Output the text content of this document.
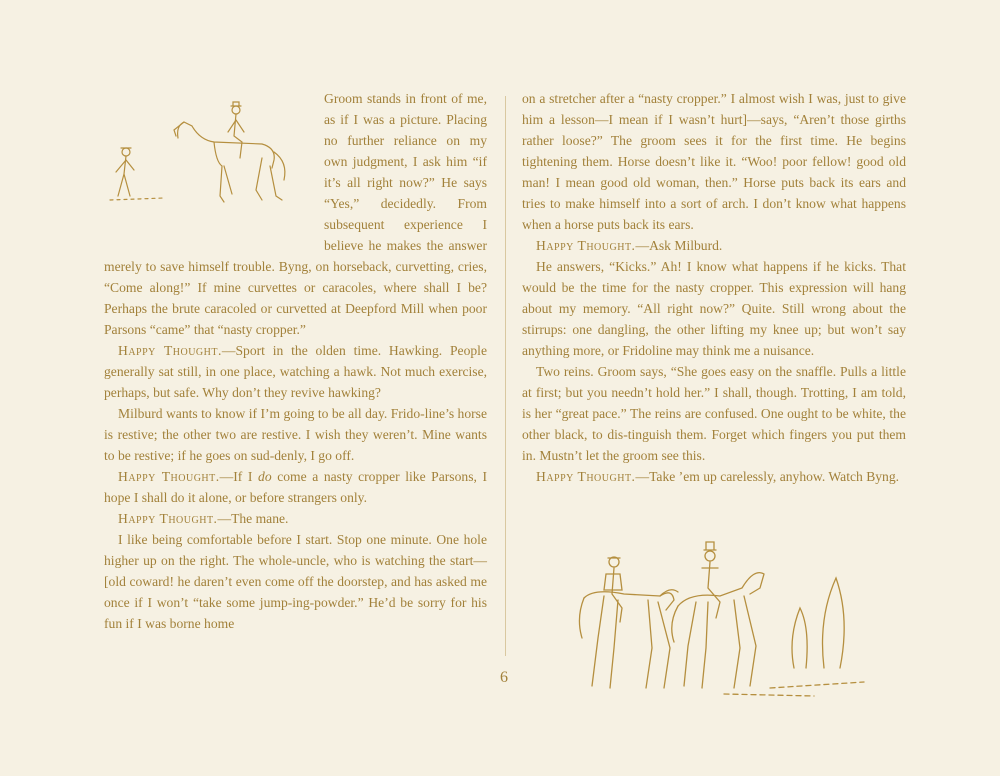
Groom stands in front of me, as if I was a picture. Placing no further reliance on my own judgment, I ask him “if it’s all right now?” He says “Yes,” decidedly. From subsequent experience I believe he makes the answer merely to save himself trouble. Byng, on horseback, curvetting, cries, “Come along!” If mine curvettes or caracoles, where shall I be? Perhaps the brute caracoled or curvetted at Deepford Mill when poor Parsons “came” that “nasty cropper.”

Happy Thought.—Sport in the olden time. Hawking. People generally sat still, in one place, watching a hawk. Not much exercise, perhaps, but safe. Why don’t they revive hawking?

Milburd wants to know if I’m going to be all day. Frido-line’s horse is restive; the other two are restive. I wish they weren’t. Mine wants to be restive; if he goes on sud-denly, I go off.

Happy Thought.—If I do come a nasty cropper like Parsons, I hope I shall do it alone, or before strangers only.

Happy Thought.—The mane.

I like being comfortable before I start. Stop one minute. One hole higher up on the right. The whole-uncle, who is watching the start—[old coward! he daren’t even come off the doorstep, and has asked me once if I won’t “take some jump-ing-powder.” He’d be sorry for his fun if I was borne home

on a stretcher after a “nasty cropper.” I almost wish I was, just to give him a lesson—I mean if I wasn’t hurt]—says, “Aren’t those girths rather loose?” The groom sees it for the first time. He begins tightening them. Horse doesn’t like it. “Woo! poor fellow! good old man! I mean good old woman, then.” Horse puts back its ears and tries to make himself into a sort of arch. I don’t know what happens when a horse puts back its ears.

Happy Thought.—Ask Milburd.

He answers, “Kicks.” Ah! I know what happens if he kicks. That would be the time for the nasty cropper. This expression will hang about my memory. “All right now?” Quite. Still wrong about the stirrups: one dangling, the other lifting my knee up; but won’t say anything more, or Fridoline may think me a nuisance.

Two reins. Groom says, “She goes easy on the snaffle. Pulls a little at first; but you needn’t hold her.” I shall, though. Trotting, I am told, is her “great pace.” The reins are confused. One ought to be white, the other black, to dis-tinguish them. Forget which fingers you put them in. Mustn’t let the groom see this.

Happy Thought.—Take ’em up carelessly, anyhow. Watch Byng.

6
